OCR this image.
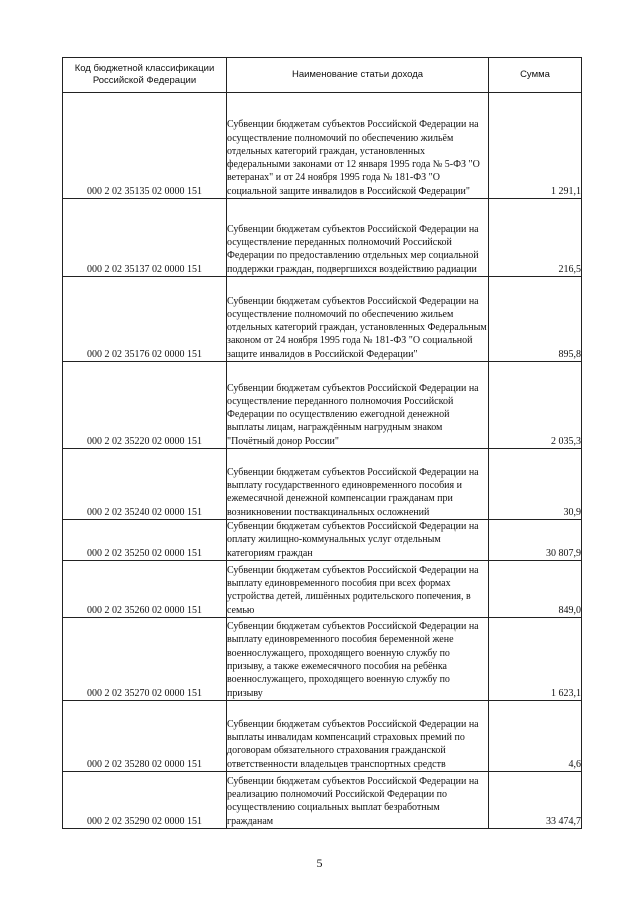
Код бюджетной классификации Российской Федерации	Наименование статьи дохода	Сумма
000 2 02 35135 02 0000 151	Субвенции бюджетам субъектов Российской Федерации на осуществление полномочий по обеспечению жильём отдельных категорий граждан, установленных федеральными законами от 12 января 1995 года № 5-ФЗ "О ветеранах" и от 24 ноября 1995 года № 181-ФЗ "О социальной защите инвалидов в Российской Федерации"	1 291,1
000 2 02 35137 02 0000 151	Субвенции бюджетам субъектов Российской Федерации на осуществление переданных полномочий Российской Федерации по предоставлению отдельных мер социальной поддержки граждан, подвергшихся воздействию радиации	216,5
000 2 02 35176 02 0000 151	Субвенции бюджетам субъектов Российской Федерации на осуществление полномочий по обеспечению жильем отдельных категорий граждан, установленных Федеральным законом от 24 ноября 1995 года № 181-ФЗ "О социальной защите инвалидов в Российской Федерации"	895,8
000 2 02 35220 02 0000 151	Субвенции бюджетам субъектов Российской Федерации на осуществление переданного полномочия Российской Федерации по осуществлению ежегодной денежной выплаты лицам, награждённым нагрудным знаком "Почётный донор России"	2 035,3
000 2 02 35240 02 0000 151	Субвенции бюджетам субъектов Российской Федерации на выплату государственного единовременного пособия и ежемесячной денежной компенсации гражданам при возникновении поствакцинальных осложнений	30,9
000 2 02 35250 02 0000 151	Субвенции бюджетам субъектов Российской Федерации на оплату жилищно-коммунальных услуг отдельным категориям граждан	30 807,9
000 2 02 35260 02 0000 151	Субвенции бюджетам субъектов Российской Федерации на выплату единовременного пособия при всех формах устройства детей, лишённых родительского попечения, в семью	849,0
000 2 02 35270 02 0000 151	Субвенции бюджетам субъектов Российской Федерации на выплату единовременного пособия беременной жене военнослужащего, проходящего военную службу по призыву, а также ежемесячного пособия на ребёнка военнослужащего, проходящего военную службу по призыву	1 623,1
000 2 02 35280 02 0000 151	Субвенции бюджетам субъектов Российской Федерации на выплаты инвалидам компенсаций страховых премий по договорам обязательного страхования гражданской ответственности владельцев транспортных средств	4,6
000 2 02 35290 02 0000 151	Субвенции бюджетам субъектов Российской Федерации на реализацию полномочий Российской Федерации по осуществлению социальных выплат безработным гражданам	33 474,7
5
